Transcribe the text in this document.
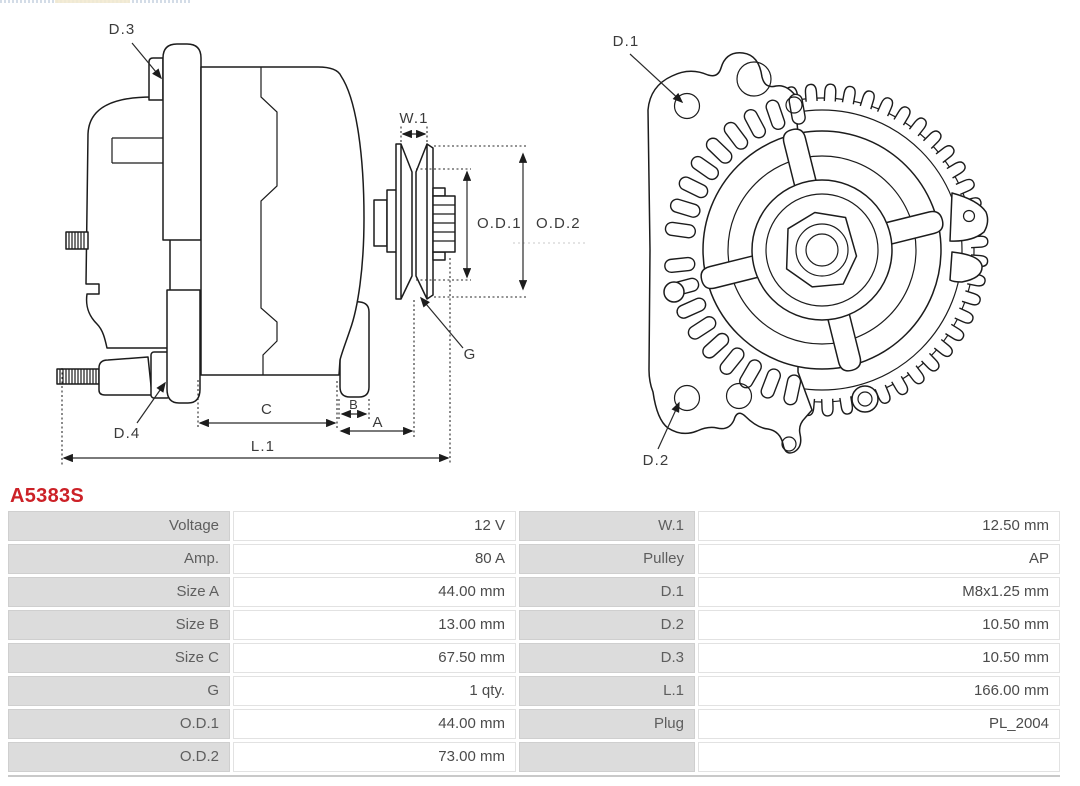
D.3
W.1
O.D.1 O.D.2
G
D.4
C	B
A
L.1
D.1
D.2
A5383S
Voltage	12 V	W.1	12.50 mm
Amp.	80 A	Pulley	AP
Size A	44.00 mm	D.1	M8x1.25 mm
Size B	13.00 mm	D.2	10.50 mm
Size C	67.50 mm	D.3	10.50 mm
G	1 qty.	L.1	166.00 mm
O.D.1	44.00 mm	Plug	PL_2004
O.D.2	73.00 mm
